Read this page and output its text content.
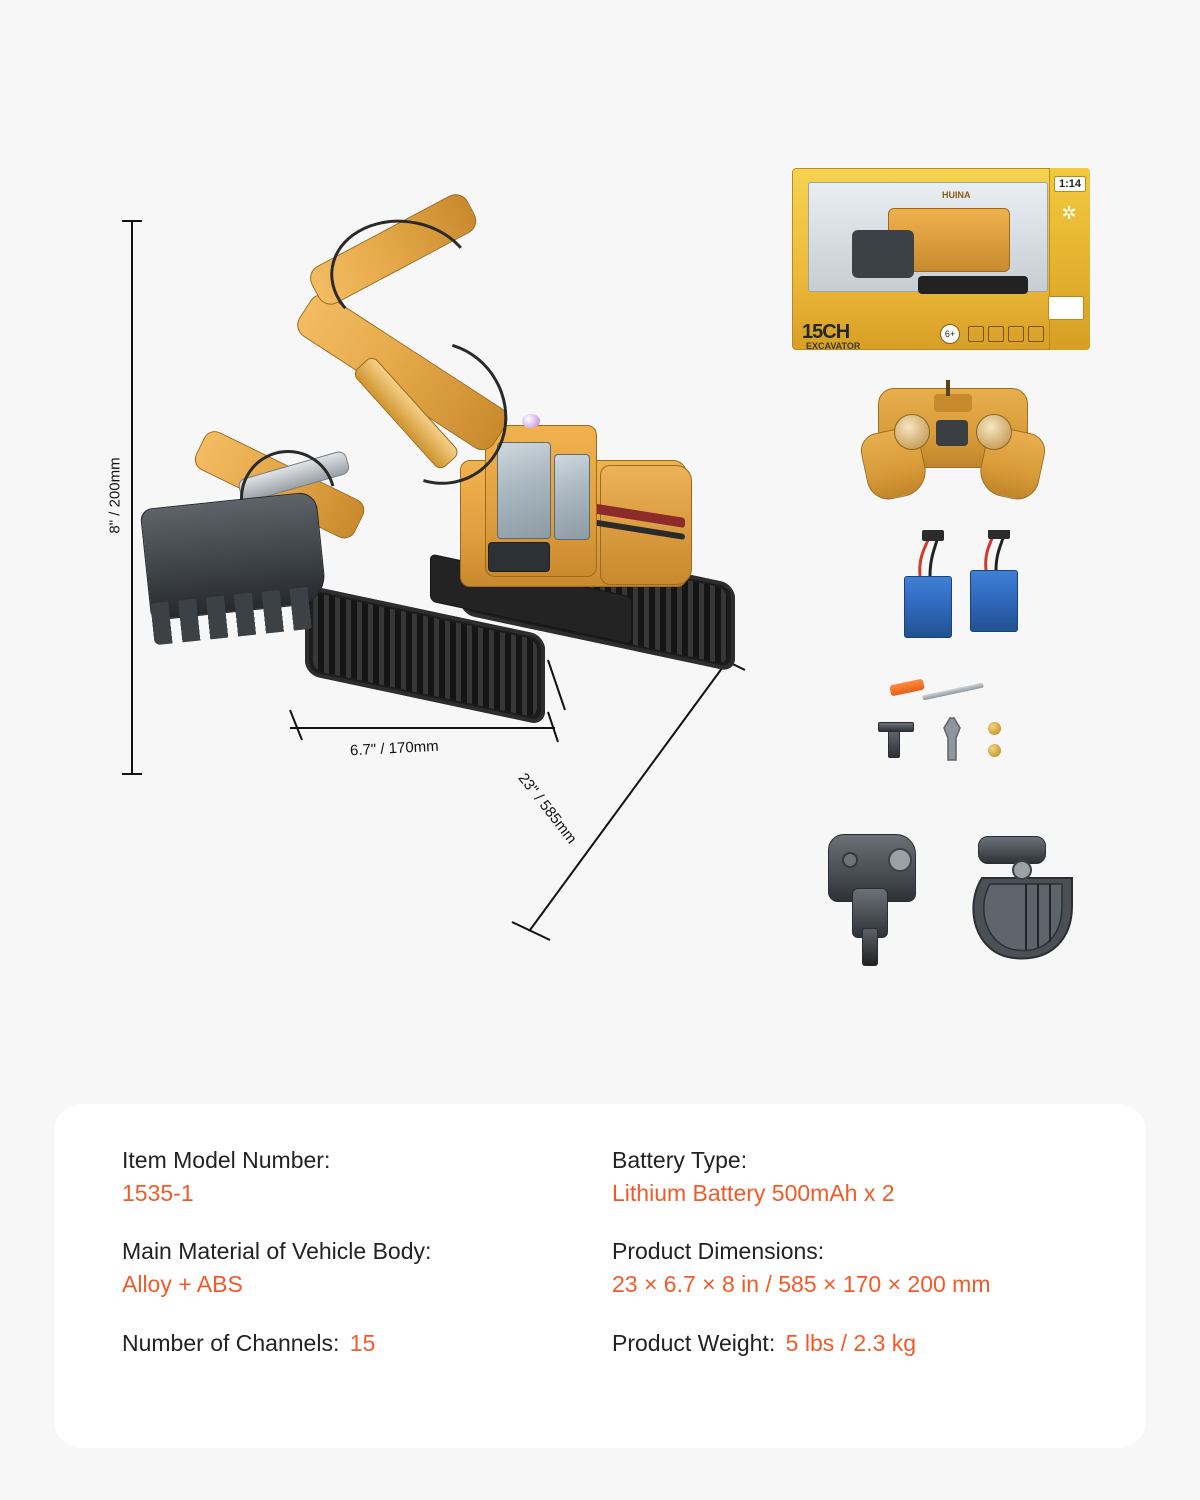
8" / 200mm
6.7" / 170mm
23" / 585mm
HUINA
15CH
EXCAVATOR
1:14
✲
6+
Item Model Number:
1535-1
Battery Type:
Lithium Battery 500mAh x 2
Main Material of Vehicle Body:
Alloy + ABS
Product Dimensions:
23 × 6.7 × 8 in / 585 × 170 × 200 mm
Number of Channels: 15	Product Weight: 5 lbs / 2.3 kg
